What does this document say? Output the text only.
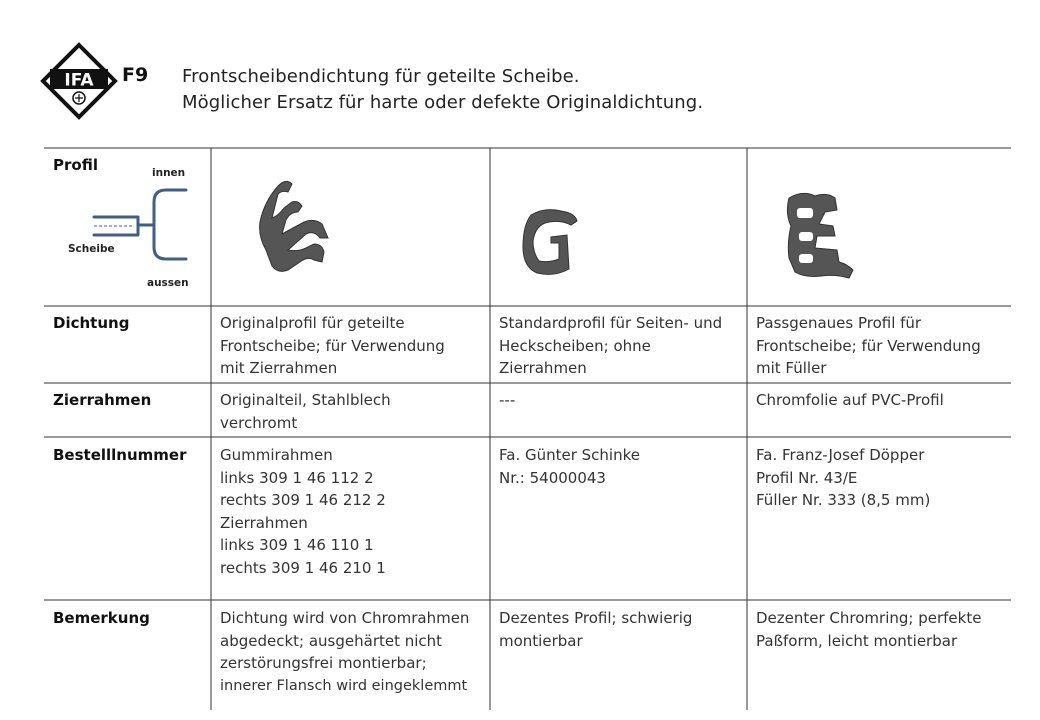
IFA F9 Frontscheibendichtung für geteilte Scheibe.
Möglicher Ersatz für harte oder defekte Originaldichtung.
Profil
Dichtung
Zierrahmen
Bestelllnummer
Bemerkung
innen
Scheibe
aussen
Originalprofil für geteilte
Frontscheibe; für Verwendung
mit Zierrahmen
Standardprofil für Seiten- und
Heckscheiben; ohne
Zierrahmen
Passgenaues Profil für
Frontscheibe; für Verwendung
mit Füller
Originalteil, Stahlblech
verchromt
---	Chromfolie auf PVC-Profil
Gummirahmen
links 309 1 46 112 2
rechts 309 1 46 212 2
Zierrahmen
links 309 1 46 110 1
rechts 309 1 46 210 1
Fa. Günter Schinke
Nr.: 54000043
Fa. Franz-Josef Döpper
Profil Nr. 43/E
Füller Nr. 333 (8,5 mm)
Dichtung wird von Chromrahmen
abgedeckt; ausgehärtet nicht
zerstörungsfrei montierbar;
innerer Flansch wird eingeklemmt
Dezentes Profil; schwierig
montierbar
Dezenter Chromring; perfekte
Paßform, leicht montierbar
